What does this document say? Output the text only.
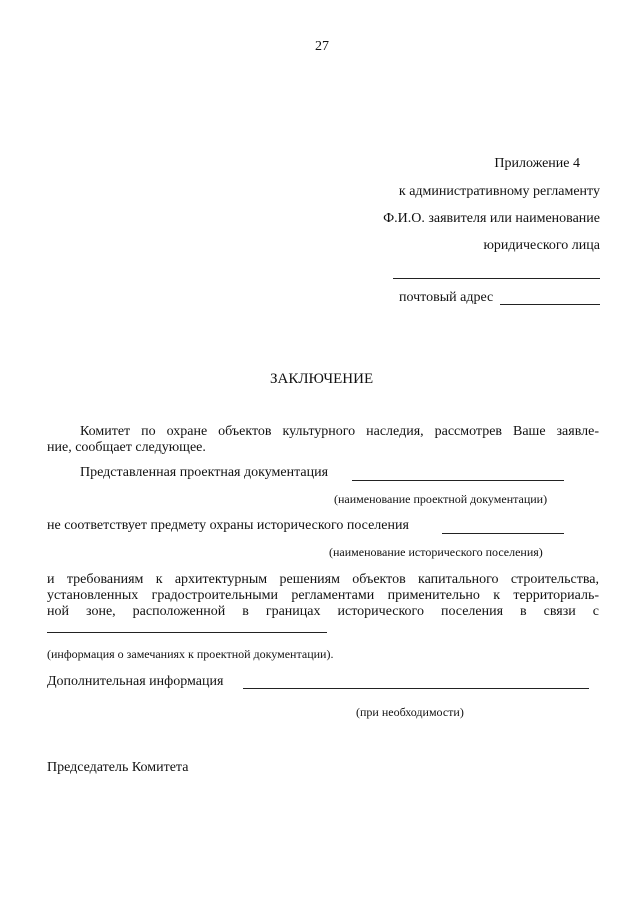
27
Приложение 4
к административному регламенту
Ф.И.О. заявителя или наименование
юридического лица
почтовый адрес
ЗАКЛЮЧЕНИЕ
Комитет по охране объектов культурного наследия, рассмотрев Ваше заявле-
ние, сообщает следующее.
Представленная проектная документация
(наименование проектной документации)
не соответствует предмету охраны исторического поселения
(наименование исторического поселения)
и требованиям к архитектурным решениям объектов капитального строительства,
установленных градостроительными регламентами применительно к территориаль-
ной зоне, расположенной в границах исторического поселения в связи с
(информация о замечаниях к проектной документации).
Дополнительная информация
(при необходимости)
Председатель Комитета
